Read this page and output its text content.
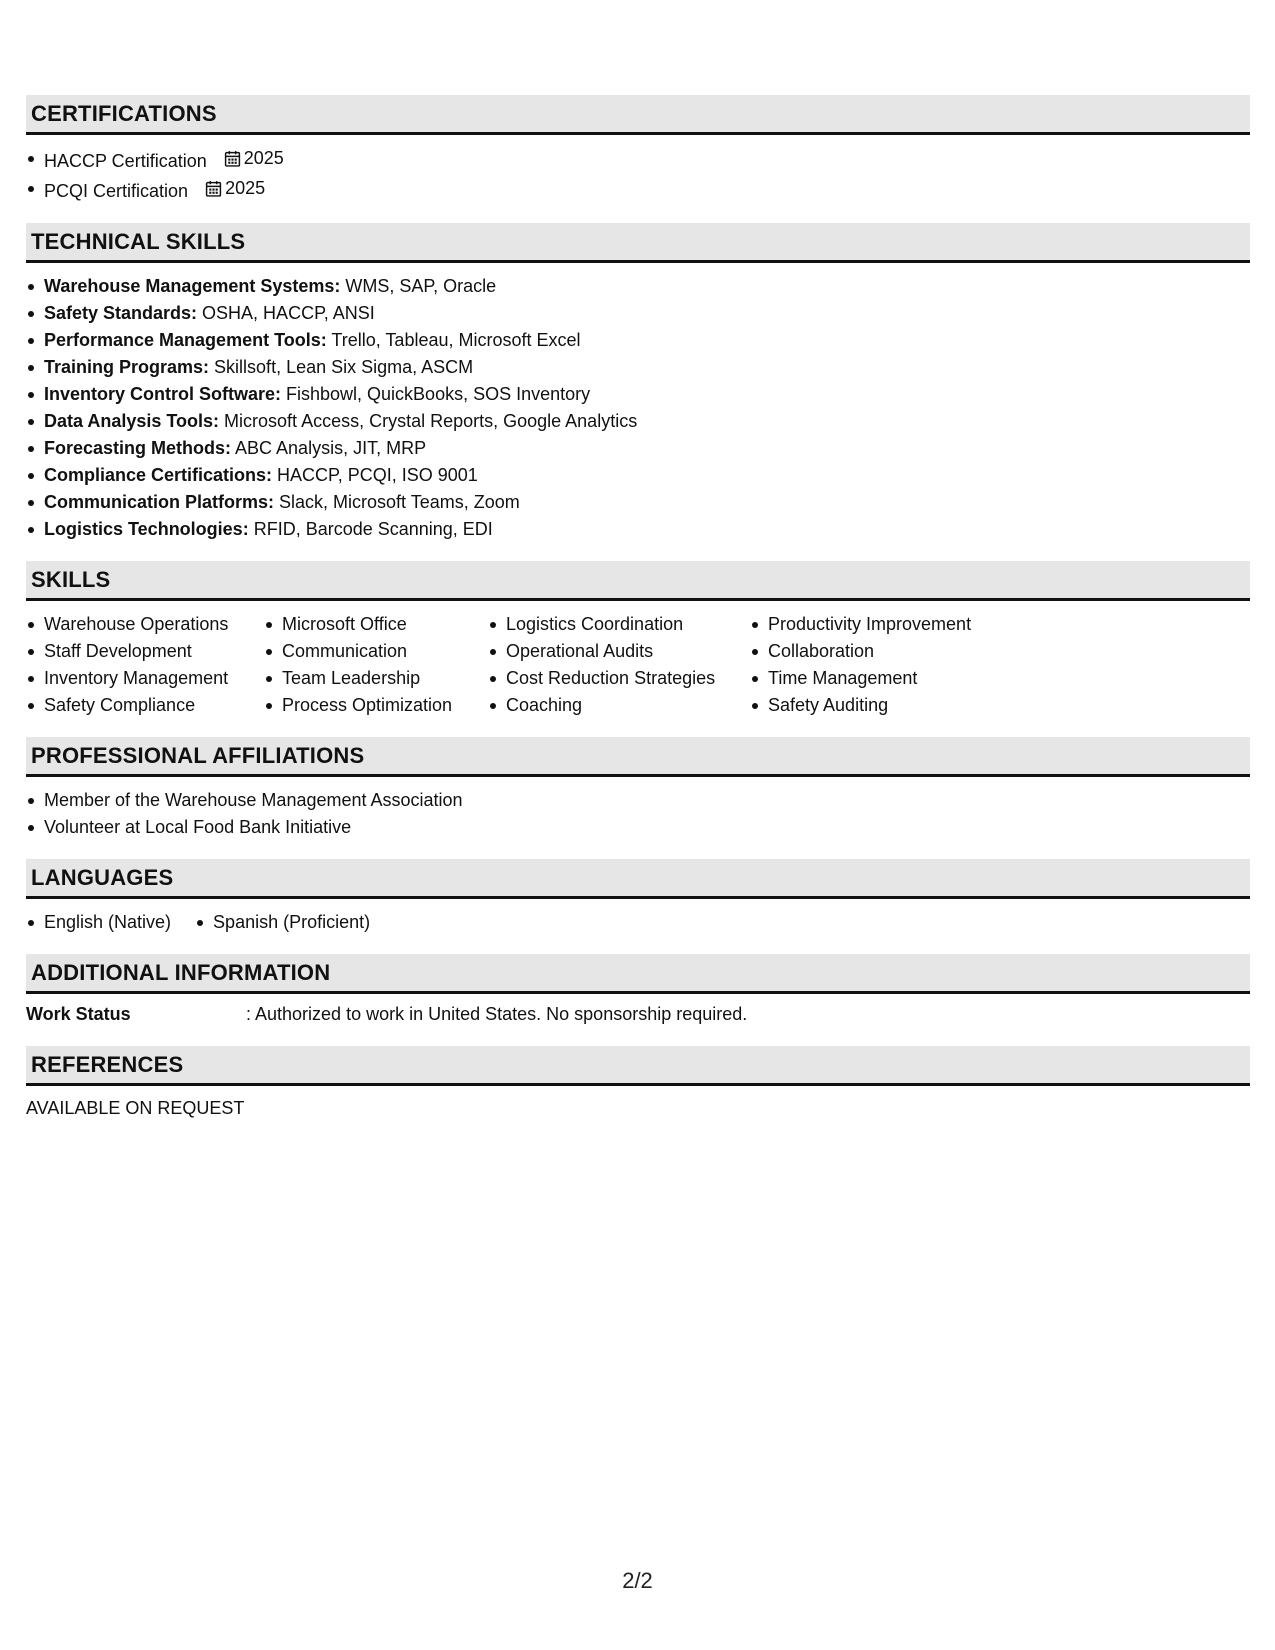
CERTIFICATIONS
HACCP Certification 2025
PCQI Certification 2025
TECHNICAL SKILLS
Warehouse Management Systems: WMS, SAP, Oracle
Safety Standards: OSHA, HACCP, ANSI
Performance Management Tools: Trello, Tableau, Microsoft Excel
Training Programs: Skillsoft, Lean Six Sigma, ASCM
Inventory Control Software: Fishbowl, QuickBooks, SOS Inventory
Data Analysis Tools: Microsoft Access, Crystal Reports, Google Analytics
Forecasting Methods: ABC Analysis, JIT, MRP
Compliance Certifications: HACCP, PCQI, ISO 9001
Communication Platforms: Slack, Microsoft Teams, Zoom
Logistics Technologies: RFID, Barcode Scanning, EDI
SKILLS
Warehouse Operations
Staff Development
Inventory Management
Safety Compliance
Microsoft Office
Communication
Team Leadership
Process Optimization
Logistics Coordination
Operational Audits
Cost Reduction Strategies
Coaching
Productivity Improvement
Collaboration
Time Management
Safety Auditing
PROFESSIONAL AFFILIATIONS
Member of the Warehouse Management Association
Volunteer at Local Food Bank Initiative
LANGUAGES
English (Native)	Spanish (Proficient)
ADDITIONAL INFORMATION
Work Status	: Authorized to work in United States. No sponsorship required.
REFERENCES
AVAILABLE ON REQUEST
2/2
